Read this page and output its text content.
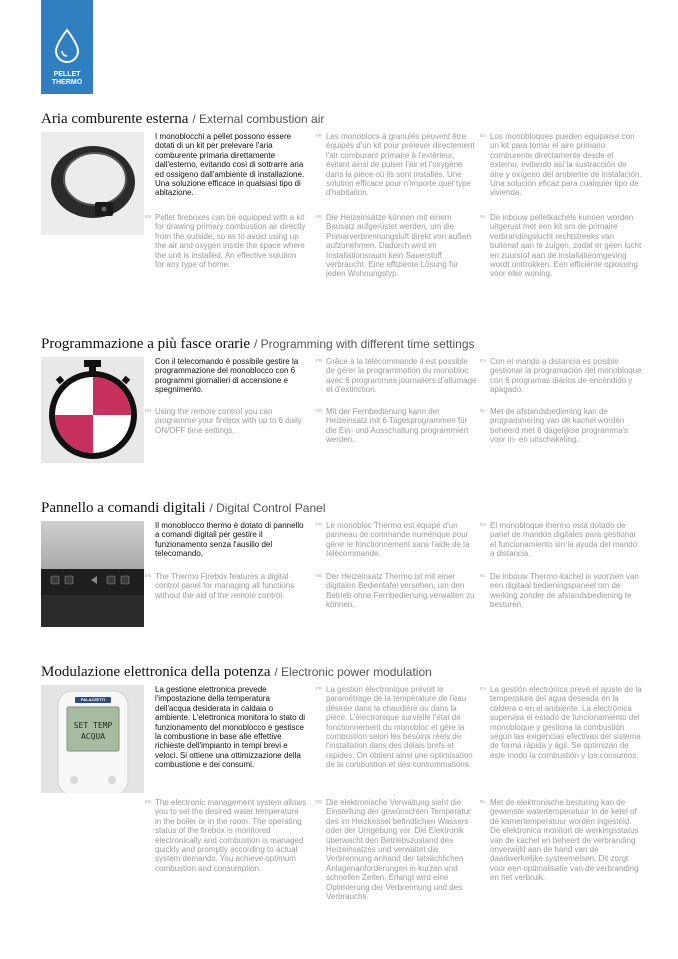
PELLET
THERMO
Aria comburente esterna / External combustion air
I monoblocchi a pellet possono essere dotati di un kit per prelevare l'aria comburente primaria direttamente dall'esterno, evitando così di sottrarre aria ed ossigeno dall'ambiente di installazione. Una soluzione efficace in qualsiasi tipo di abitazione.
FR Les monoblocs à granulés peuvent être équipés d'un kit pour prélever directement l'air comburant primaire à l'extérieur, évitant ainsi de puiser l'air et l'oxygène dans la pièce où ils sont installés. Une solution efficace pour n'importe quel type d'habitation.
ES Los monobloques pueden equiparse con un kit para tomar el aire primario comburente directamente desde el externo, evitando así la sustracción de aire y oxígeno del ambiente de instalación. Una solución eficaz para cualquier tipo de vivienda.
EN Pellet fireboxes can be equipped with a kit for drawing primary combustion air directly from the outside, so as to avoid using up the air and oxygen inside the space where the unit is installed. An effective solution for any type of home.
DE Die Heizeinsätze können mit einem Bausatz aufgerüstet werden, um die Primärverbrennungsluft direkt von außen aufzunehmen. Dadurch wird im Installationsraum kein Sauerstoff verbraucht. Eine effiziente Lösung für jeden Wohnungstyp.
NL De inbouw pelletkachels kunnen worden uitgerust met een kit om de primaire verbrandingslucht rechtstreeks van buitenaf aan te zuigen, zodat er geen lucht en zuurstof aan de installatieomgeving wordt onttrokken. Een efficiënte oplossing voor elke woning.
Programmazione a più fasce orarie / Programming with different time settings
Con il telecomando è possibile gestire la programmazione del monoblocco con 6 programmi giornalieri di accensione e spegnimento.
FR Grâce à la télécommande il est possible de gérer la programmation du monobloc avec 6 programmes journaliers d'allumage et d'extinction.
ES Con el mando a distancia es posible gestionar la programación del monobloque con 6 programas diarios de encendido y apagado.
EN Using the remote control you can programme your firebox with up to 6 daily ON/OFF time settings.
DE Mit der Fernbedienung kann der Heizeinsatz mit 6 Tagesprogrammen für die Ein- und Ausschaltung programmiert werden.
NL Met de afstandsbediening kan de programmering van de kachel worden beheerd met 6 dagelijkse programma's voor in- en uitschakeling.
Pannello a comandi digitali / Digital Control Panel
Il monoblocco thermo è dotato di pannello a comandi digitali per gestire il funzionamento senza l'ausilio del telecomando.
FR Le monobloc Thermo est équipé d'un panneau de commande numérique pour gérer le fonctionnement sans l'aide de la télécommande.
ES El monobloque thermo está dotado de panel de mandos digitales para gestionar el funcionamiento sin la ayuda del mando a distancia.
EN The Thermo Firebox features a digital control panel for managing all functions without the aid of the remote control.
DE Der Heizeinsatz Thermo ist mit einer digitalen Bedientafel versehen, um den Betrieb ohne Fernbedienung verwalten zu können.
NL De inbouw Thermo-kachel is voorzien van een digitaal bedieningspaneel om de werking zonder de afstandsbediening te besturen.
Modulazione elettronica della potenza / Electronic power modulation
PALAZZETTI
SET TEMP
ACQUA
La gestione elettronica prevede l'impostazione della temperatura dell'acqua desiderata in caldaia o ambiente. L'elettronica monitora lo stato di funzionamento del monoblocco e gestisce la combustione in base alle effettive richieste dell'impianto in tempi brevi e veloci. Si ottiene una ottimizzazione della combustione e dei consumi.
FR La gestion électronique prévoit le paramétrage de la température de l'eau désirée dans la chaudière ou dans la pièce. L'électronique surveille l'état de fonctionnement du monobloc et gère la combustion selon les besoins réels de l'installation dans des délais brefs et rapides. On obtient ainsi une optimisation de la combustion et des consommations.
ES La gestión electrónica prevé el ajuste de la temperatura del agua deseada en la caldera o en el ambiente. La electrónica supervisa el estado de funcionamiento del monobloque y gestiona la combustión según las exigencias efectivas del sistema de forma rápida y ágil. Se optimizan de este modo la combustión y los consumos.
EN The electronic management system allows you to set the desired water temperature in the boiler or in the room. The operating status of the firebox is monitored electronically and combustion is managed quickly and promptly according to actual system demands. You achieve optimum combustion and consumption.
DE Die elektronische Verwaltung sieht die Einstellung der gewünschten Temperatur des im Heizkessel befindlichen Wassers oder der Umgebung vor. Die Elektronik überwacht den Betriebszustand des Heizeinsatzes und verwaltet die Verbrennung anhand der tatsächlichen Anlagenanforderungen in kurzen und schnellen Zeiten. Erlangt wird eine Optimierung der Verbrennung und des Verbrauchs.
NL Met de elektronische besturing kan de gewenste watertemperatuur in de ketel of de kamertemperatuur worden ingesteld. De elektronica monitort de werkingsstatus van de kachel en beheert de verbranding onverwijld aan de hand van de daadwerkelijke systeemeisen. Dit zorgt voor een optimalisatie van de verbranding en het verbruik.
